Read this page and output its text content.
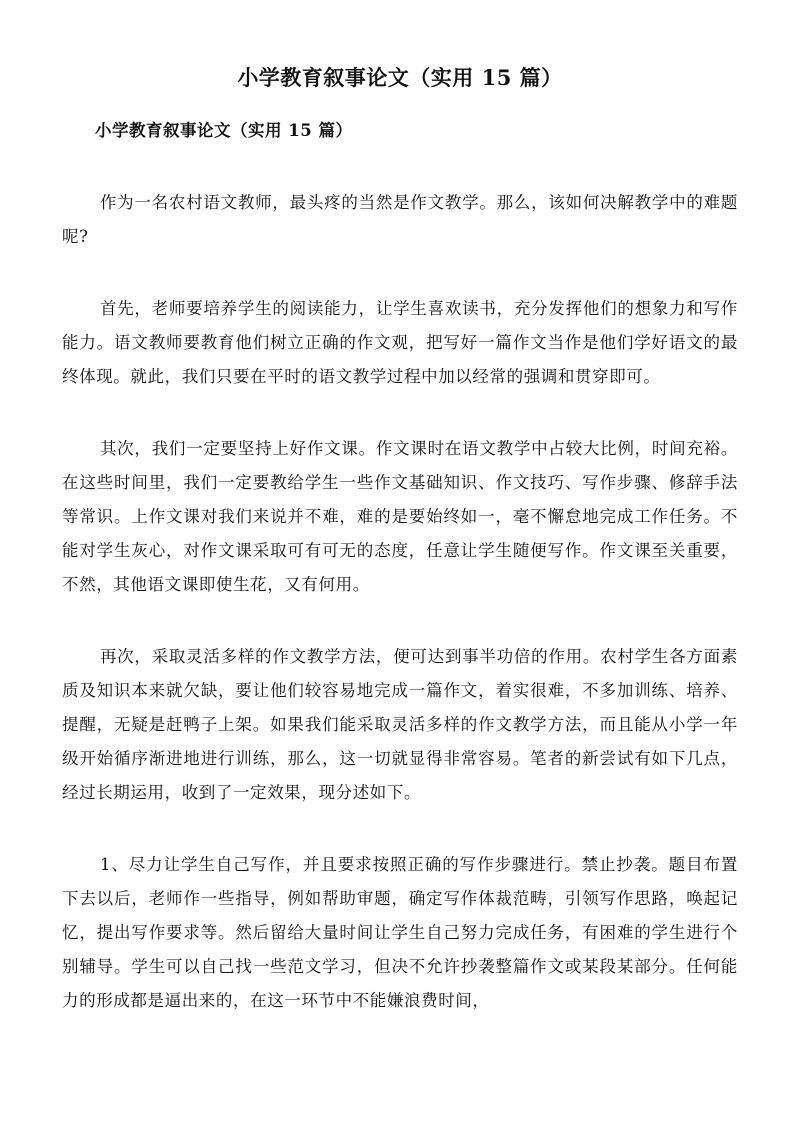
小学教育叙事论文（实用 15 篇）
小学教育叙事论文（实用 15 篇）

作为一名农村语文教师，最头疼的当然是作文教学。那么，该如何决解教学中的难题呢?

首先，老师要培养学生的阅读能力，让学生喜欢读书，充分发挥他们的想象力和写作能力。语文教师要教育他们树立正确的作文观，把写好一篇作文当作是他们学好语文的最终体现。就此，我们只要在平时的语文教学过程中加以经常的强调和贯穿即可。

其次，我们一定要坚持上好作文课。作文课时在语文教学中占较大比例，时间充裕。在这些时间里，我们一定要教给学生一些作文基础知识、作文技巧、写作步骤、修辞手法等常识。上作文课对我们来说并不难，难的是要始终如一，毫不懈怠地完成工作任务。不能对学生灰心，对作文课采取可有可无的态度，任意让学生随便写作。作文课至关重要，不然，其他语文课即使生花，又有何用。

再次，采取灵活多样的作文教学方法，便可达到事半功倍的作用。农村学生各方面素质及知识本来就欠缺，要让他们较容易地完成一篇作文，着实很难，不多加训练、培养、提醒，无疑是赶鸭子上架。如果我们能采取灵活多样的作文教学方法，而且能从小学一年级开始循序渐进地进行训练，那么，这一切就显得非常容易。笔者的新尝试有如下几点，经过长期运用，收到了一定效果，现分述如下。

1、尽力让学生自己写作，并且要求按照正确的写作步骤进行。禁止抄袭。题目布置下去以后，老师作一些指导，例如帮助审题，确定写作体裁范畴，引领写作思路，唤起记忆，提出写作要求等。然后留给大量时间让学生自己努力完成任务，有困难的学生进行个别辅导。学生可以自己找一些范文学习，但决不允许抄袭整篇作文或某段某部分。任何能力的形成都是逼出来的，在这一环节中不能嫌浪费时间，
